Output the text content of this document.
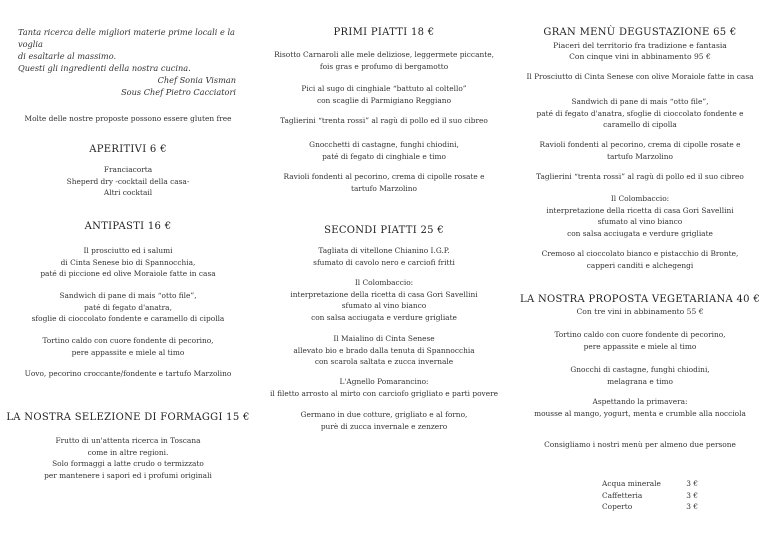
Tanta ricerca delle migliori materie prime locali e la voglia
di esaltarle al massimo.
Questi gli ingredienti della nostra cucina.
Chef Sonia Visman
Sous Chef Pietro Cacciatori
Molte delle nostre proposte possono essere gluten free
APERITIVI 6 €
Franciacorta
Sheperd dry -cocktail della casa-
Altri cocktail
ANTIPASTI 16 €
Il prosciutto ed i salumi
di Cinta Senese bio di Spannocchia,
paté di piccione ed olive Moraiole fatte in casa
Sandwich di pane di mais “otto file”,
paté di fegato d'anatra,
sfoglie di cioccolato fondente e caramello di cipolla
Tortino caldo con cuore fondente di pecorino,
pere appassite e miele al timo
Uovo, pecorino croccante/fondente e tartufo Marzolino
LA NOSTRA SELEZIONE DI FORMAGGI 15 €
Frutto di un'attenta ricerca in Toscana
come in altre regioni.
Solo formaggi a latte crudo o termizzato
per mantenere i sapori ed i profumi originali
PRIMI PIATTI 18 €
Risotto Carnaroli alle mele deliziose, leggermete piccante,
fois gras e profumo di bergamotto
Pici al sugo di cinghiale “battuto al coltello”
con scaglie di Parmigiano Reggiano
Taglierini “trenta rossi” al ragù di pollo ed il suo cibreo
Gnocchetti di castagne, funghi chiodini,
paté di fegato di cinghiale e timo
Ravioli fondenti al pecorino, crema di cipolle rosate e
tartufo Marzolino
SECONDI PIATTI 25 €
Tagliata di vitellone Chianino I.G.P.
sfumato di cavolo nero e carciofi fritti
Il Colombaccio:
interpretazione della ricetta di casa Gori Savellini
sfumato al vino bianco
con salsa acciugata e verdure grigliate
Il Maialino di Cinta Senese
allevato bio e brado dalla tenuta di Spannocchia
con scarola saltata e zucca invernale
L'Agnello Pomarancino:
il filetto arrosto al mirto con carciofo grigliato e parti povere
Germano in due cotture, grigliato e al forno,
purè di zucca invernale e zenzero
GRAN MENÙ DEGUSTAZIONE 65 €
Piaceri del territorio fra tradizione e fantasia
Con cinque vini in abbinamento 95 €
Il Prosciutto di Cinta Senese con olive Moraiole fatte in casa
Sandwich di pane di mais “otto file”,
paté di fegato d'anatra, sfoglie di cioccolato fondente e
caramello di cipolla
Ravioli fondenti al pecorino, crema di cipolle rosate e
tartufo Marzolino
Taglierini “trenta rossi” al ragù di pollo ed il suo cibreo
Il Colombaccio:
interpretazione della ricetta di casa Gori Savellini
sfumato al vino bianco
con salsa acciugata e verdure grigliate
Cremoso al cioccolato bianco e pistacchio di Bronte,
capperi canditi e alchegengi
LA NOSTRA PROPOSTA VEGETARIANA 40 €
Con tre vini in abbinamento 55 €
Tortino caldo con cuore fondente di pecorino,
pere appassite e miele al timo
Gnocchi di castagne, funghi chiodini,
melagrana e timo
Aspettando la primavera:
mousse al mango, yogurt, menta e crumble alla nocciola
Consigliamo i nostri menù per almeno due persone
Acqua minerale	3 €
Caffetteria	3 €
Coperto	3 €
